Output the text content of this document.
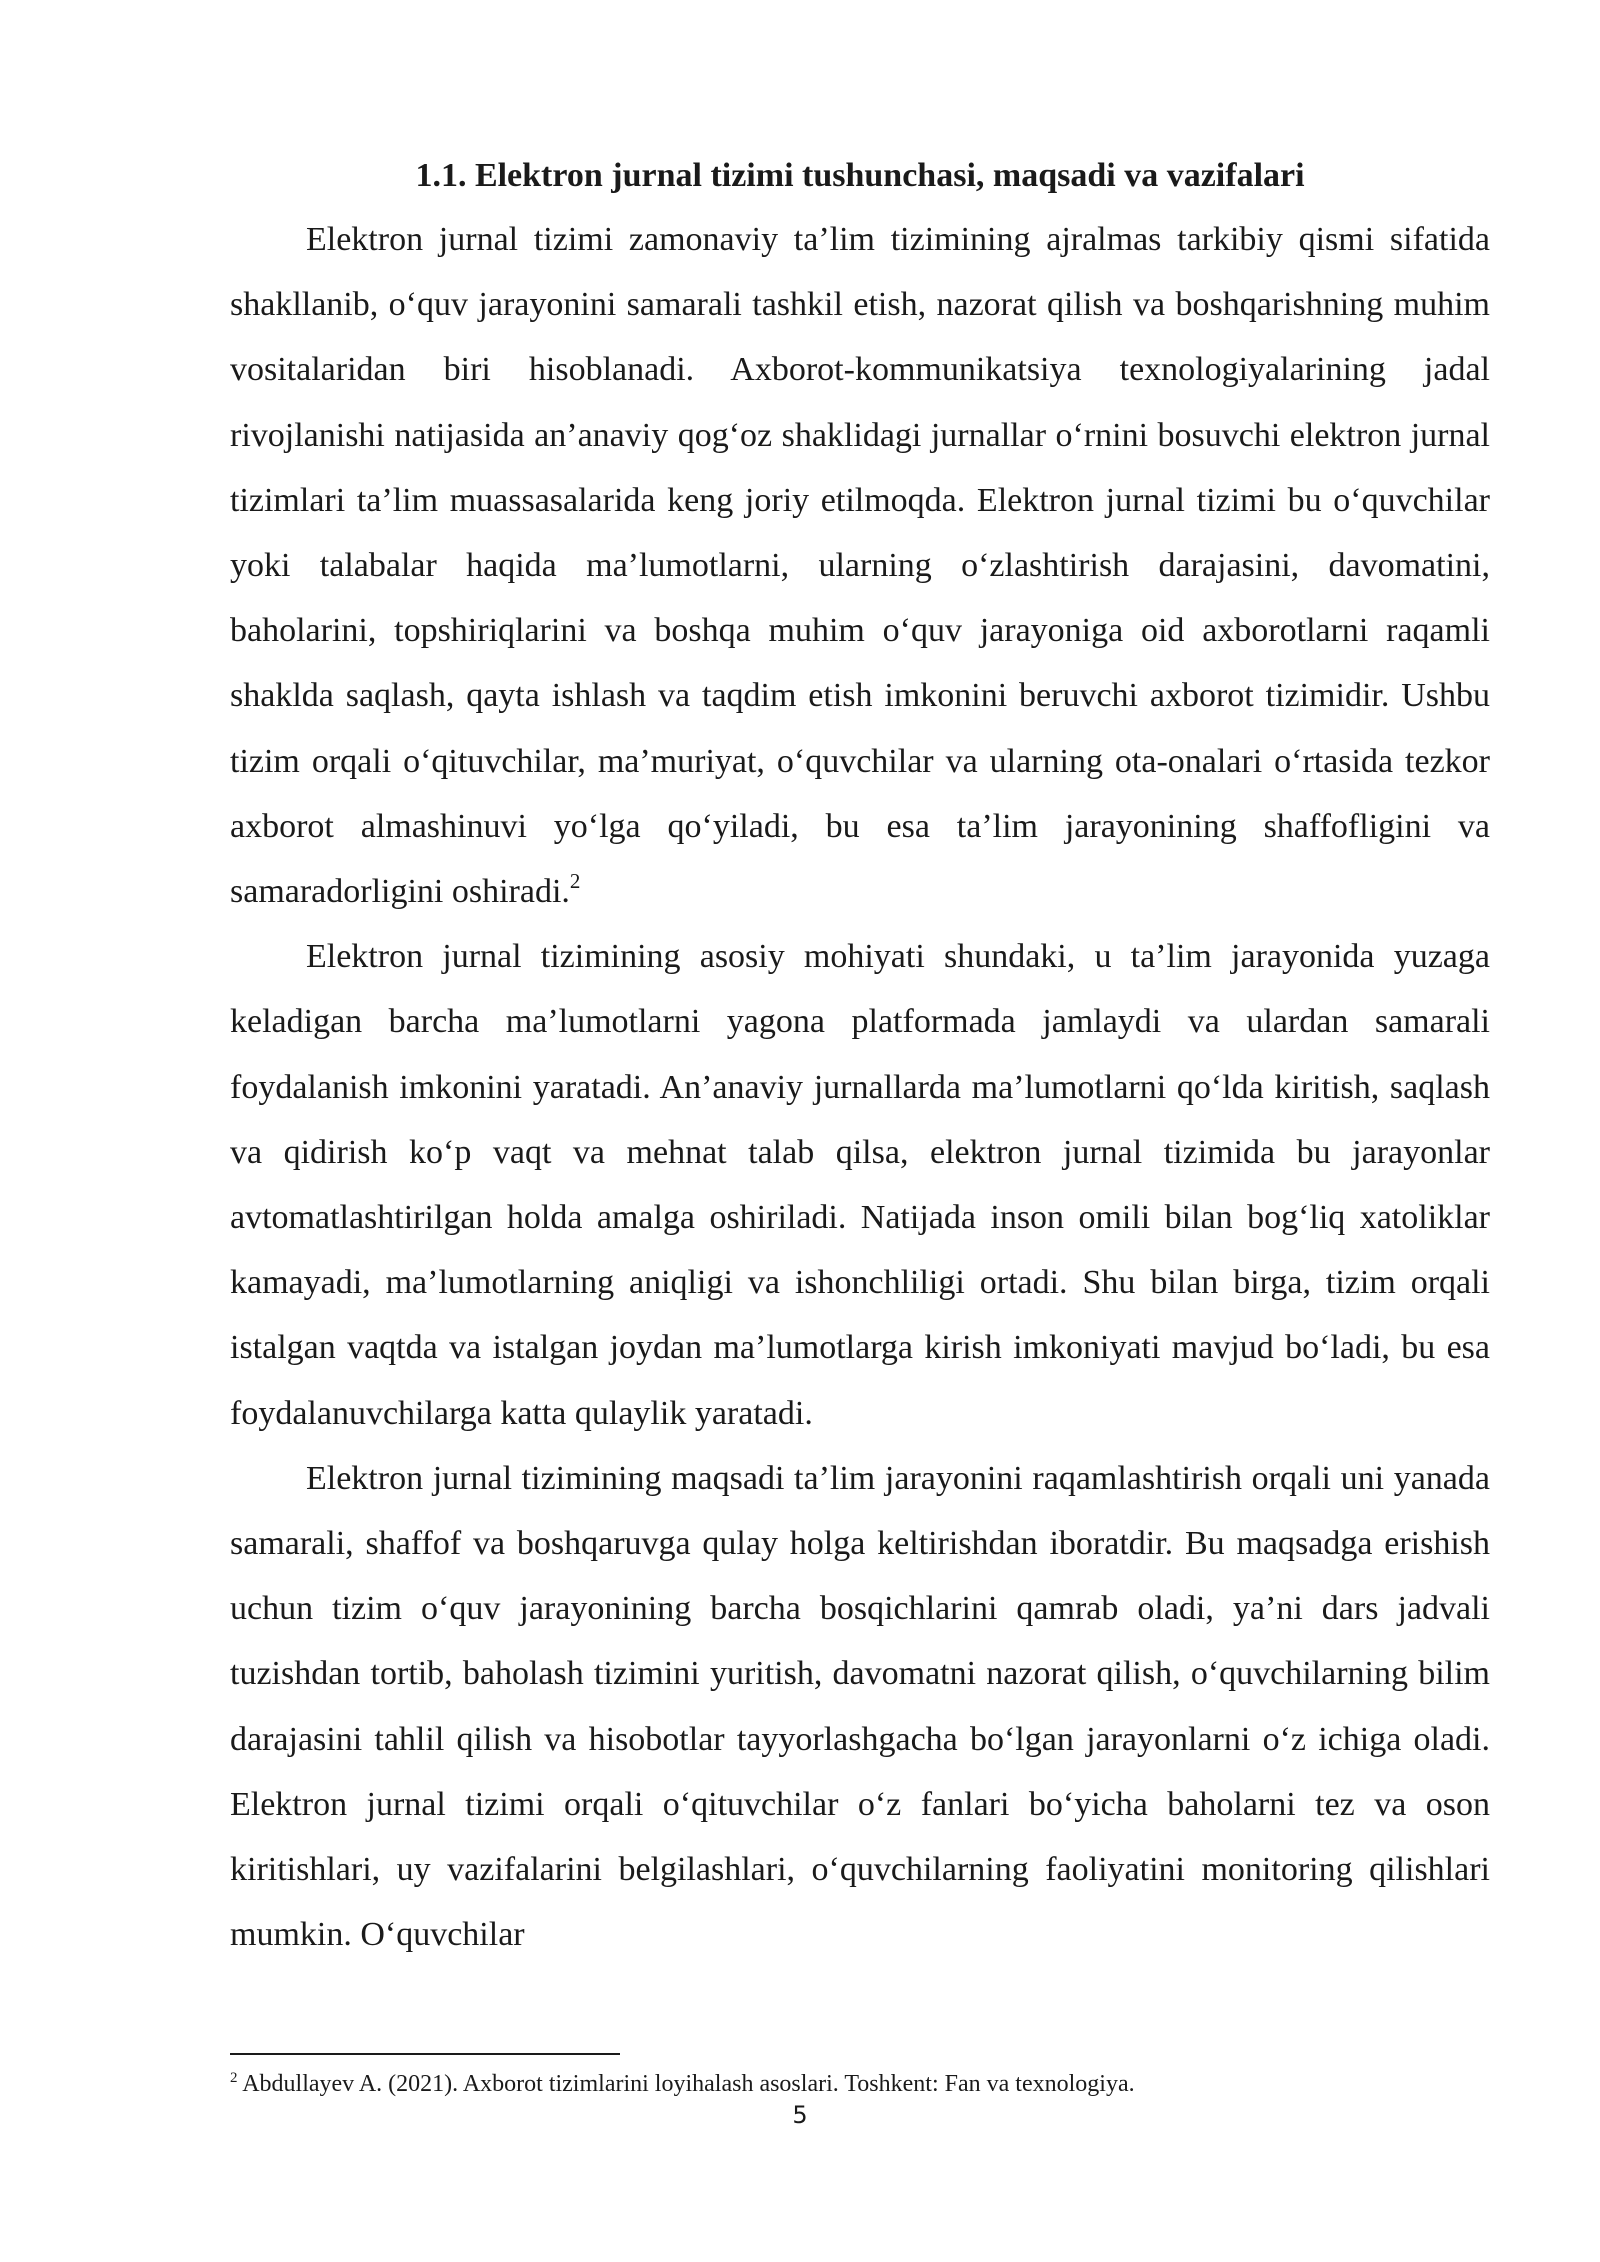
1.1. Elektron jurnal tizimi tushunchasi, maqsadi va vazifalari

Elektron jurnal tizimi zamonaviy ta’lim tizimining ajralmas tarkibiy qismi sifatida shakllanib, o‘quv jarayonini samarali tashkil etish, nazorat qilish va boshqarishning muhim vositalaridan biri hisoblanadi. Axborot-kommunikatsiya texnologiyalarining jadal rivojlanishi natijasida an’anaviy qog‘oz shaklidagi jurnallar o‘rnini bosuvchi elektron jurnal tizimlari ta’lim muassasalarida keng joriy etilmoqda. Elektron jurnal tizimi bu o‘quvchilar yoki talabalar haqida ma’lumotlarni, ularning o‘zlashtirish darajasini, davomatini, baholarini, topshiriqlarini va boshqa muhim o‘quv jarayoniga oid axborotlarni raqamli shaklda saqlash, qayta ishlash va taqdim etish imkonini beruvchi axborot tizimidir. Ushbu tizim orqali o‘qituvchilar, ma’muriyat, o‘quvchilar va ularning ota-onalari o‘rtasida tezkor axborot almashinuvi yo‘lga qo‘yiladi, bu esa ta’lim jarayonining shaffofligini va samaradorligini oshiradi.$^2$

Elektron jurnal tizimining asosiy mohiyati shundaki, u ta’lim jarayonida yuzaga keladigan barcha ma’lumotlarni yagona platformada jamlaydi va ulardan samarali foydalanish imkonini yaratadi. An’anaviy jurnallarda ma’lumotlarni qo‘lda kiritish, saqlash va qidirish ko‘p vaqt va mehnat talab qilsa, elektron jurnal tizimida bu jarayonlar avtomatlashtirilgan holda amalga oshiriladi. Natijada inson omili bilan bog‘liq xatoliklar kamayadi, ma’lumotlarning aniqligi va ishonchliligi ortadi. Shu bilan birga, tizim orqali istalgan vaqtda va istalgan joydan ma’lumotlarga kirish imkoniyati mavjud bo‘ladi, bu esa foydalanuvchilarga katta qulaylik yaratadi.

Elektron jurnal tizimining maqsadi ta’lim jarayonini raqamlashtirish orqali uni yanada samarali, shaffof va boshqaruvga qulay holga keltirishdan iboratdir. Bu maqsadga erishish uchun tizim o‘quv jarayonining barcha bosqichlarini qamrab oladi, ya’ni dars jadvali tuzishdan tortib, baholash tizimini yuritish, davomatni nazorat qilish, o‘quvchilarning bilim darajasini tahlil qilish va hisobotlar tayyorlashgacha bo‘lgan jarayonlarni o‘z ichiga oladi. Elektron jurnal tizimi orqali o‘qituvchilar o‘z fanlari bo‘yicha baholarni tez va oson kiritishlari, uy vazifalarini belgilashlari, o‘quvchilarning faoliyatini monitoring qilishlari mumkin. O‘quvchilar

$^2$ Abdullayev A. (2021). Axborot tizimlarini loyihalash asoslari. Toshkent: Fan va texnologiya.

5
